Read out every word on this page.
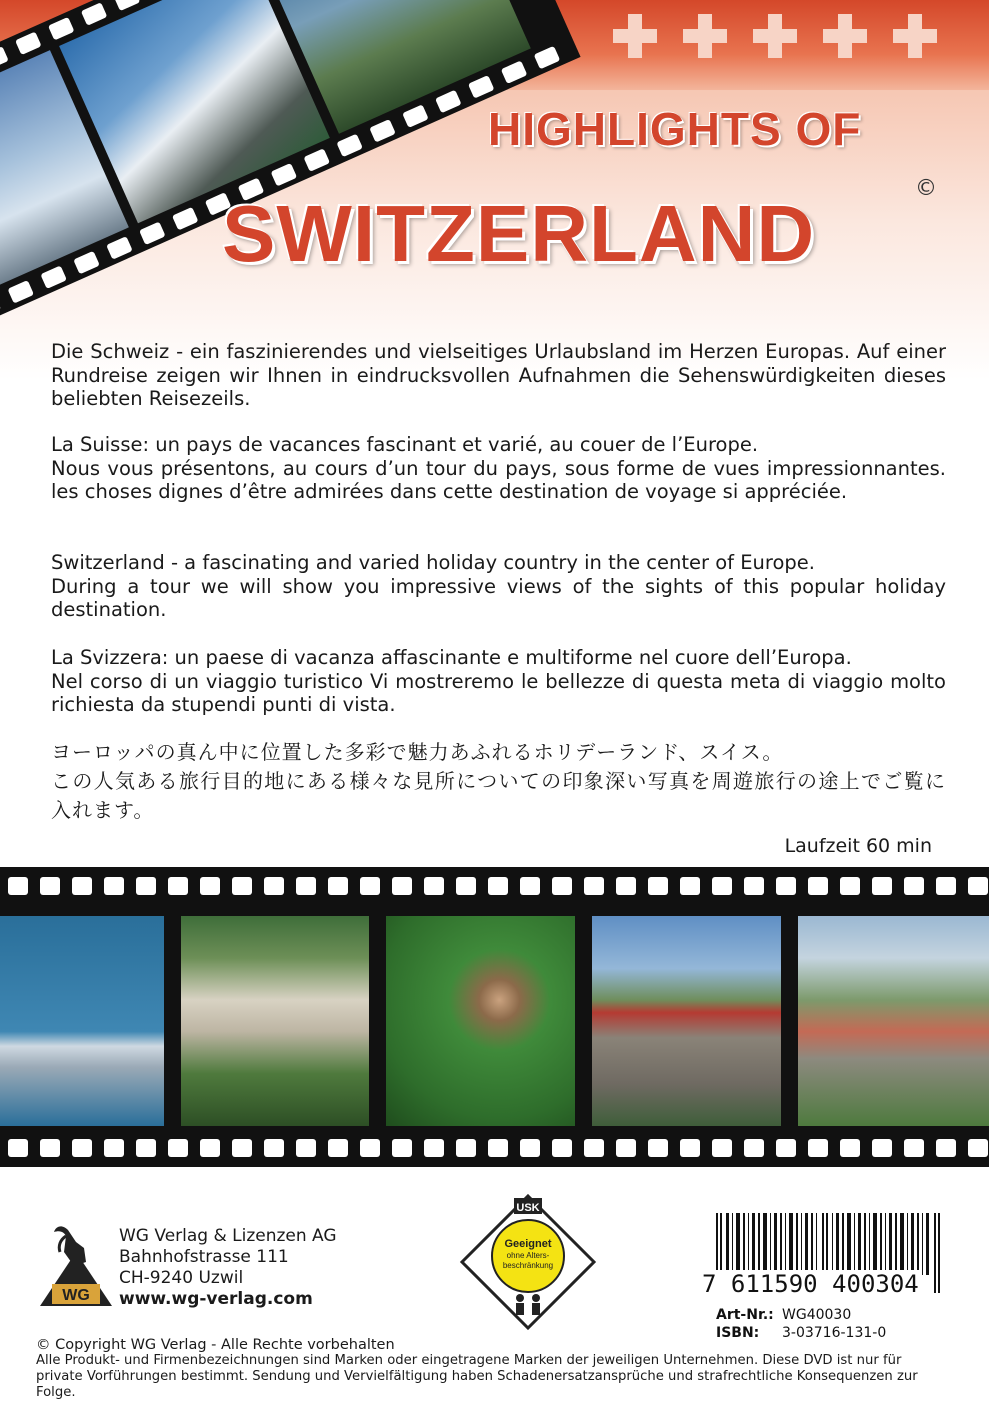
HIGHLIGHTS OF
SWITZERLAND
©

Die Schweiz - ein faszinierendes und vielseitiges Urlaubsland im Herzen Europas. Auf einer Rundreise zeigen wir Ihnen in eindrucksvollen Aufnahmen die Sehenswürdigkeiten dieses beliebten Reisezeils.

La Suisse: un pays de vacances fascinant et varié, au couer de l’Europe.

Nous vous présentons, au cours d’un tour du pays, sous forme de vues impressionnantes. les choses dignes d’être admirées dans cette destination de voyage si appréciée.

Switzerland - a fascinating and varied holiday country in the center of Europe.

During a tour we will show you impressive views of the sights of this popular holiday destination.

La Svizzera: un paese di vacanza affascinante e multiforme nel cuore dell’Europa.

Nel corso di un viaggio turistico Vi mostreremo le bellezze di questa meta di viaggio molto richiesta da stupendi punti di vista.

ヨーロッパの真ん中に位置した多彩で魅力あふれるホリデーランド、スイス。

この人気ある旅行目的地にある様々な見所についての印象深い写真を周遊旅行の途上でご覧に入れます。

Laufzeit 60 min
WG
WG Verlag & Lizenzen AG
Bahnhofstrasse 111
CH-9240 Uzwil
www.wg-verlag.com
USK
Geeignet
ohne Alters-
beschränkung
7 611590 400304
Art-Nr.: WG40030
ISBN: 3-03716-131-0
© Copyright WG Verlag - Alle Rechte vorbehalten
Alle Produkt- und Firmenbezeichnungen sind Marken oder eingetragene Marken der jeweiligen Unternehmen. Diese DVD ist nur für private Vorführungen bestimmt. Sendung und Vervielfältigung haben Schadenersatzansprüche und strafrechtliche Konsequenzen zur Folge.
